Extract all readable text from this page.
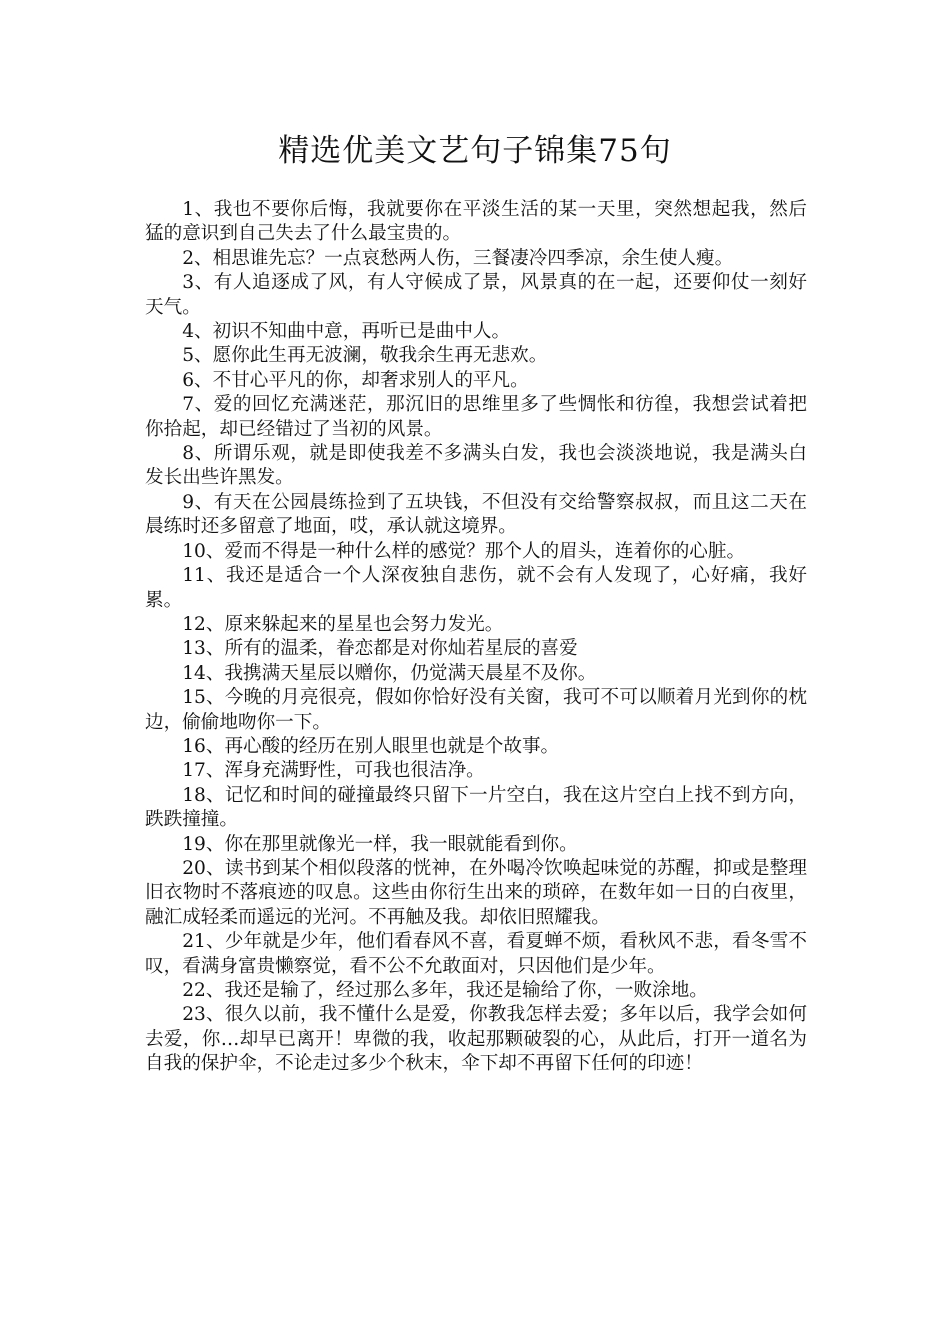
精选优美文艺句子锦集75句

1、我也不要你后悔，我就要你在平淡生活的某一天里，突然想起我，然后猛的意识到自己失去了什么最宝贵的。

2、相思谁先忘？一点哀愁两人伤，三餐凄冷四季凉，余生使人瘦。

3、有人追逐成了风，有人守候成了景，风景真的在一起，还要仰仗一刻好天气。

4、初识不知曲中意，再听已是曲中人。

5、愿你此生再无波澜，敬我余生再无悲欢。

6、不甘心平凡的你，却奢求别人的平凡。

7、爱的回忆充满迷茫，那沉旧的思维里多了些惆怅和彷徨，我想尝试着把你拾起，却已经错过了当初的风景。

8、所谓乐观，就是即使我差不多满头白发，我也会淡淡地说，我是满头白发长出些许黑发。

9、有天在公园晨练捡到了五块钱，不但没有交给警察叔叔，而且这二天在晨练时还多留意了地面，哎，承认就这境界。

10、爱而不得是一种什么样的感觉？那个人的眉头，连着你的心脏。

11、我还是适合一个人深夜独自悲伤，就不会有人发现了，心好痛，我好累。

12、原来躲起来的星星也会努力发光。

13、所有的温柔，眷恋都是对你灿若星辰的喜爱

14、我携满天星辰以赠你，仍觉满天晨星不及你。

15、今晚的月亮很亮，假如你恰好没有关窗，我可不可以顺着月光到你的枕边，偷偷地吻你一下。

16、再心酸的经历在别人眼里也就是个故事。

17、浑身充满野性，可我也很洁净。

18、记忆和时间的碰撞最终只留下一片空白，我在这片空白上找不到方向，跌跌撞撞。

19、你在那里就像光一样，我一眼就能看到你。

20、读书到某个相似段落的恍神，在外喝冷饮唤起味觉的苏醒，抑或是整理旧衣物时不落痕迹的叹息。这些由你衍生出来的琐碎，在数年如一日的白夜里，融汇成轻柔而遥远的光河。不再触及我。却依旧照耀我。

21、少年就是少年，他们看春风不喜，看夏蝉不烦，看秋风不悲，看冬雪不叹，看满身富贵懒察觉，看不公不允敢面对，只因他们是少年。

22、我还是输了，经过那么多年，我还是输给了你，一败涂地。

23、很久以前，我不懂什么是爱，你教我怎样去爱；多年以后，我学会如何去爱，你…却早已离开！卑微的我，收起那颗破裂的心，从此后，打开一道名为自我的保护伞，不论走过多少个秋末，伞下却不再留下任何的印迹！
